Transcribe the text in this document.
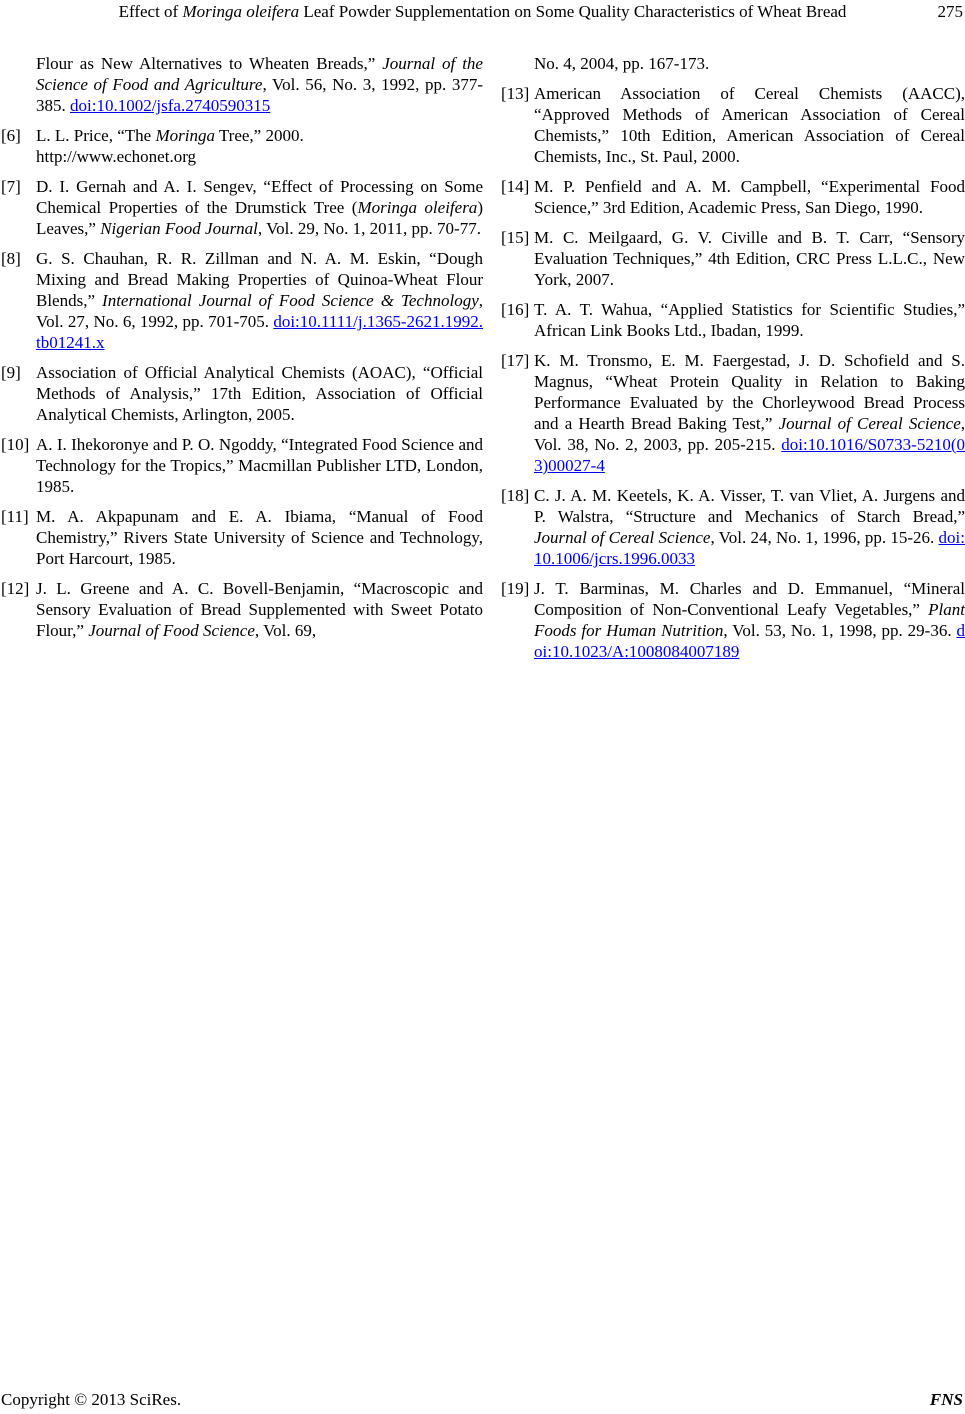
Effect of Moringa oleifera Leaf Powder Supplementation on Some Quality Characteristics of Wheat Bread	275
Flour as New Alternatives to Wheaten Breads,” Journal of the Science of Food and Agriculture, Vol. 56, No. 3, 1992, pp. 377-385. doi:10.1002/jsfa.2740590315
[6] L. L. Price, “The Moringa Tree,” 2000.
http://www.echonet.org
[7] D. I. Gernah and A. I. Sengev, “Effect of Processing on Some Chemical Properties of the Drumstick Tree (Moringa oleifera) Leaves,” Nigerian Food Journal, Vol. 29, No. 1, 2011, pp. 70-77.
[8] G. S. Chauhan, R. R. Zillman and N. A. M. Eskin, “Dough Mixing and Bread Making Properties of Quinoa-Wheat Flour Blends,” International Journal of Food Science & Technology, Vol. 27, No. 6, 1992, pp. 701-705. doi:10.1111/j.1365-2621.1992.tb01241.x
[9] Association of Official Analytical Chemists (AOAC), “Official Methods of Analysis,” 17th Edition, Association of Official Analytical Chemists, Arlington, 2005.
[10] A. I. Ihekoronye and P. O. Ngoddy, “Integrated Food Science and Technology for the Tropics,” Macmillan Publisher LTD, London, 1985.
[11] M. A. Akpapunam and E. A. Ibiama, “Manual of Food Chemistry,” Rivers State University of Science and Technology, Port Harcourt, 1985.
[12] J. L. Greene and A. C. Bovell-Benjamin, “Macroscopic and Sensory Evaluation of Bread Supplemented with Sweet Potato Flour,” Journal of Food Science, Vol. 69,
No. 4, 2004, pp. 167-173.
[13] American Association of Cereal Chemists (AACC), “Approved Methods of American Association of Cereal Chemists,” 10th Edition, American Association of Cereal Chemists, Inc., St. Paul, 2000.
[14] M. P. Penfield and A. M. Campbell, “Experimental Food Science,” 3rd Edition, Academic Press, San Diego, 1990.
[15] M. C. Meilgaard, G. V. Civille and B. T. Carr, “Sensory Evaluation Techniques,” 4th Edition, CRC Press L.L.C., New York, 2007.
[16] T. A. T. Wahua, “Applied Statistics for Scientific Studies,” African Link Books Ltd., Ibadan, 1999.
[17] K. M. Tronsmo, E. M. Faergestad, J. D. Schofield and S. Magnus, “Wheat Protein Quality in Relation to Baking Performance Evaluated by the Chorleywood Bread Process and a Hearth Bread Baking Test,” Journal of Cereal Science, Vol. 38, No. 2, 2003, pp. 205-215. doi:10.1016/S0733-5210(03)00027-4
[18] C. J. A. M. Keetels, K. A. Visser, T. van Vliet, A. Jurgens and P. Walstra, “Structure and Mechanics of Starch Bread,” Journal of Cereal Science, Vol. 24, No. 1, 1996, pp. 15-26. doi:10.1006/jcrs.1996.0033
[19] J. T. Barminas, M. Charles and D. Emmanuel, “Mineral Composition of Non-Conventional Leafy Vegetables,” Plant Foods for Human Nutrition, Vol. 53, No. 1, 1998, pp. 29-36. doi:10.1023/A:1008084007189
Copyright © 2013 SciRes.	FNS
